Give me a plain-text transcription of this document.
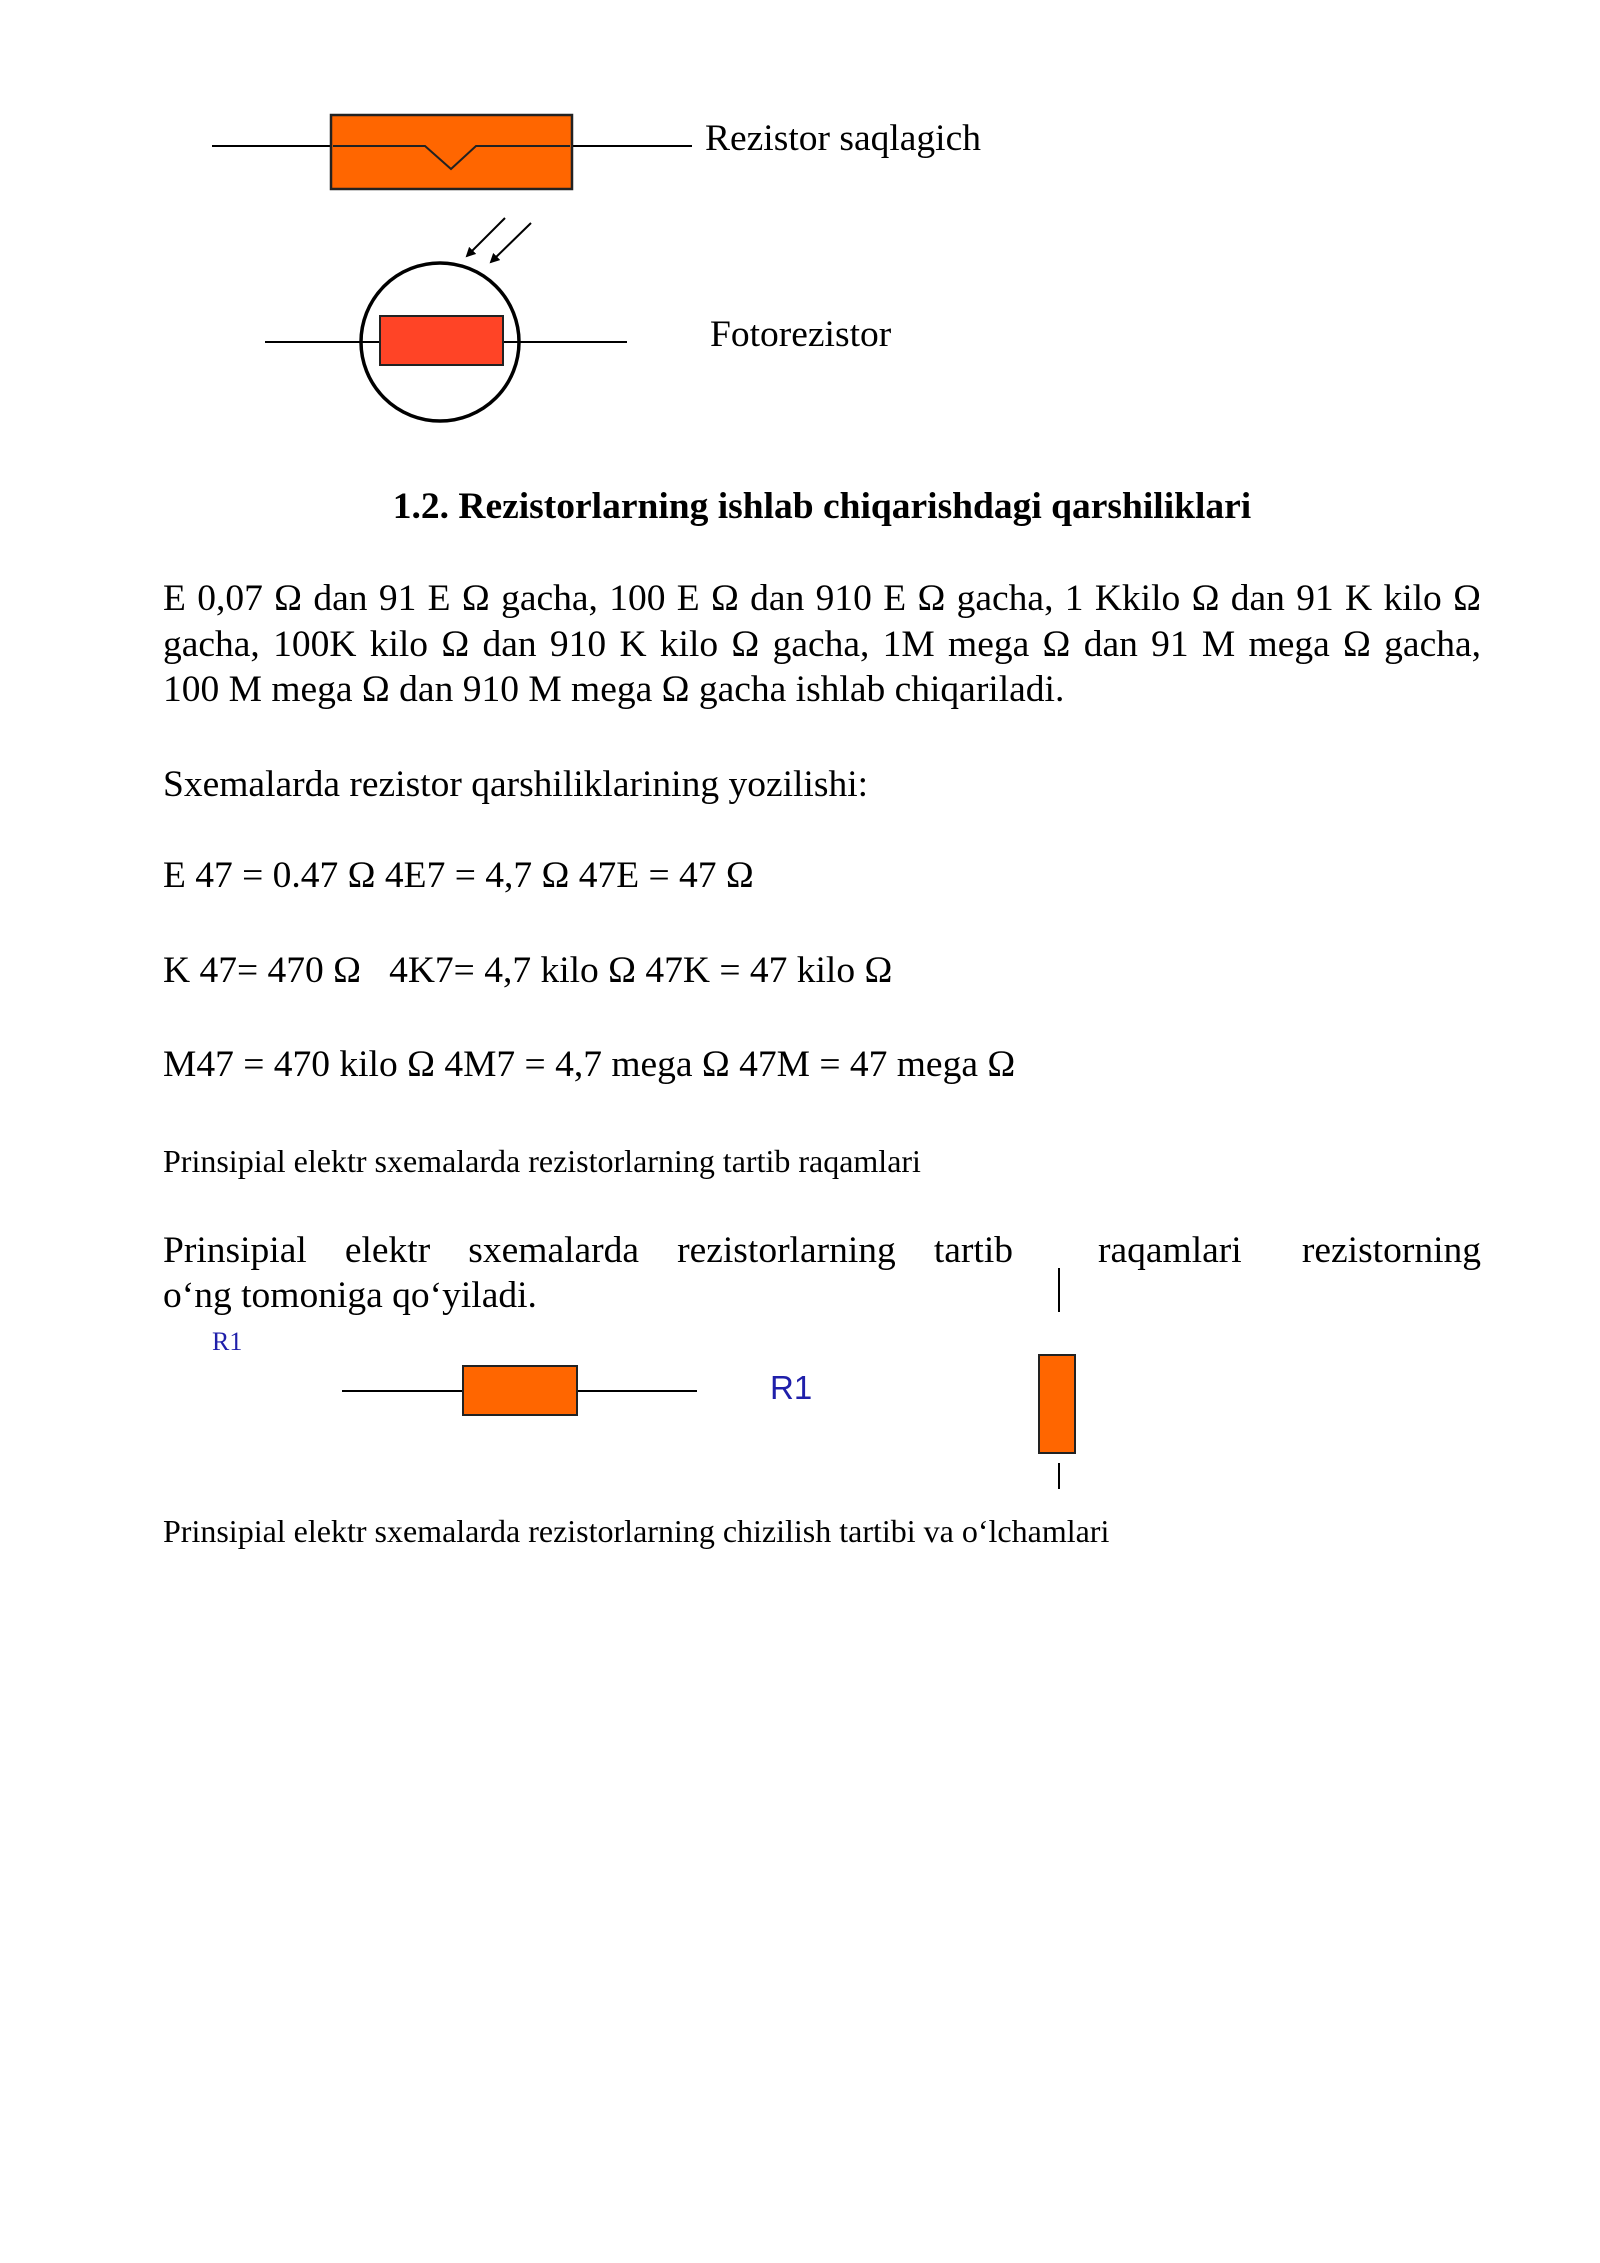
Rezistor saqlagich
Fotorezistor
1.2. Rezistorlarning ishlab chiqarishdagi qarshiliklari
E 0,07 Ω dan 91 E Ω gacha, 100 E Ω dan 910 E Ω gacha, 1 Kkilo Ω dan 91 K kilo Ω
gacha, 100K kilo Ω dan 910 K kilo Ω gacha, 1M mega Ω dan 91 M mega Ω gacha,
100 M mega Ω dan 910 M mega Ω gacha ishlab chiqariladi.
Sxemalarda rezistor qarshiliklarining yozilishi:
E 47 = 0.47 Ω 4E7 = 4,7 Ω 47E = 47 Ω
K 47= 470 Ω   4K7= 4,7 kilo Ω 47K = 47 kilo Ω
M47 = 470 kilo Ω 4M7 = 4,7 mega Ω 47M = 47 mega Ω
Prinsipial elektr sxemalarda rezistorlarning tartib raqamlari
Prinsipial elektr sxemalarda rezistorlarning tartib raqamlari rezistorning
o‘ng tomoniga qo‘yiladi.
R1
R1
Prinsipial elektr sxemalarda rezistorlarning chizilish tartibi va o‘lchamlari
